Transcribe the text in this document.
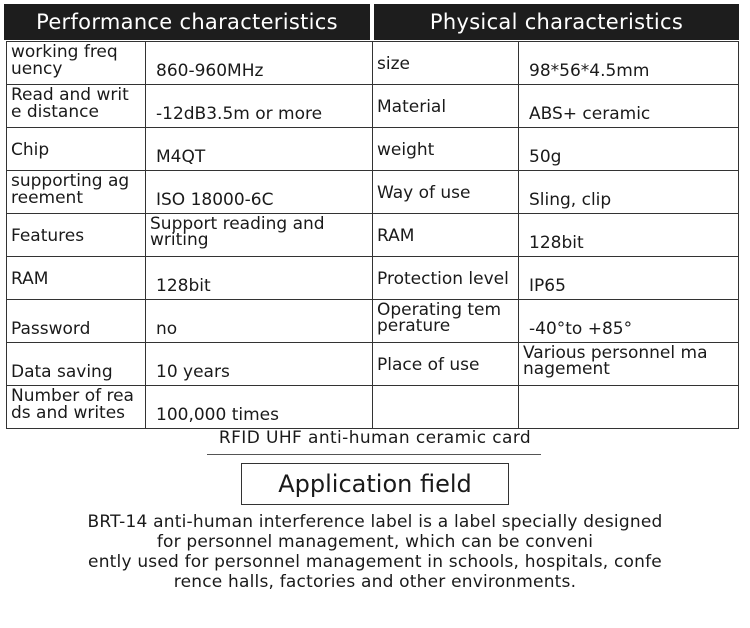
Performance characteristics	Physical characteristics
working freq uency	860-960MHz	size	98*56*4.5mm
Read and writ e distance	-12dB3.5m or more	Material	ABS+ ceramic
Chip	M4QT	weight	50g
supporting ag reement	ISO 18000-6C	Way of use	Sling, clip
Features	Support reading and writing	RAM	128bit
RAM	128bit	Protection level	IP65
Password	no	Operating tem perature	-40°to +85°
Data saving	10 years	Place of use	Various personnel ma nagement
Number of rea ds and writes	100,000 times		
RFID UHF anti-human ceramic card
Application field
BRT-14 anti-human interference label is a label specially designed
for personnel management, which can be conveni
ently used for personnel management in schools, hospitals, confe
rence halls, factories and other environments.
